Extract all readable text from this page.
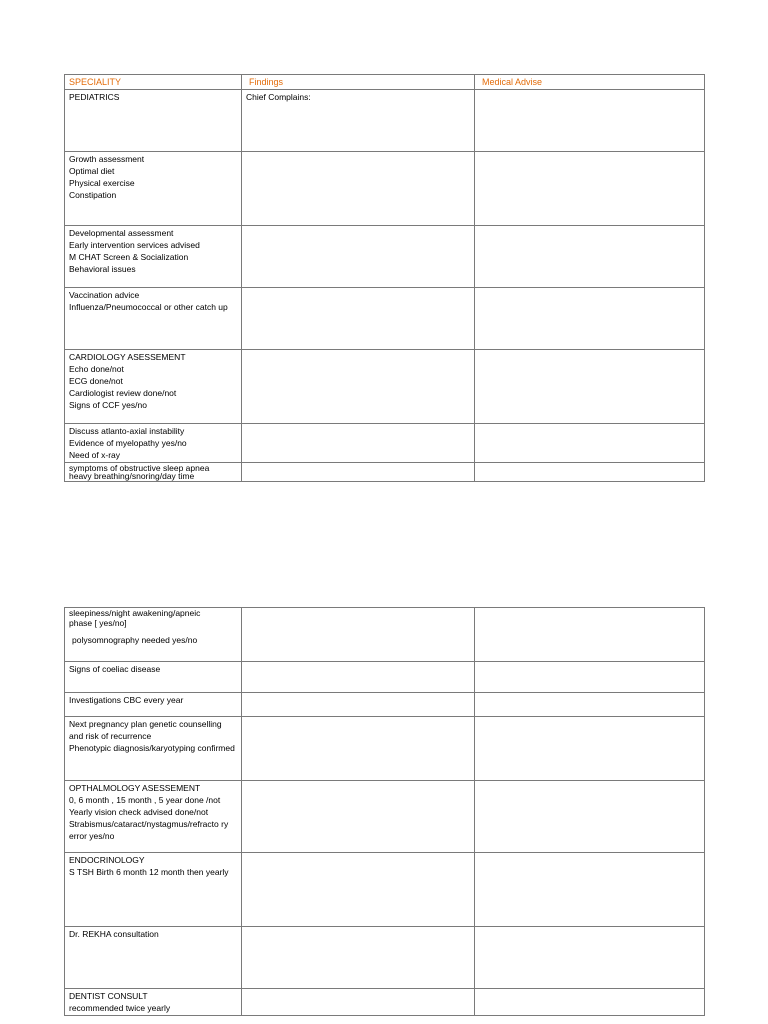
SPECIALITY	Findings	Medical Advise

PEDIATRICS	Chief Complains:	

Growth assessment
Optimal diet
Physical exercise
Constipation		

Developmental assessment
Early intervention services advised
M CHAT Screen & Socialization
Behavioral issues		

Vaccination advice
Influenza/Pneumococcal or other catch up		

CARDIOLOGY ASESSEMENT
Echo done/not
ECG done/not
Cardiologist review done/not
Signs of CCF yes/no		

Discuss atlanto-axial instability
Evidence of myelopathy yes/no
Need of x-ray		

symptoms of obstructive sleep apnea
heavy breathing/snoring/day time		

sleepiness/night awakening/apneic
phase [ yes/no]
polysomnography needed yes/no		

Signs of coeliac disease		

Investigations CBC every year		

Next pregnancy plan genetic counselling and risk of recurrence
Phenotypic diagnosis/karyotyping confirmed		

OPTHALMOLOGY ASESSEMENT
0, 6 month , 15 month , 5 year done /not
Yearly vision check advised done/not
Strabismus/cataract/nystagmus/refracto ry error yes/no		

ENDOCRINOLOGY
S TSH Birth 6 month 12 month then yearly		

Dr. REKHA consultation		

DENTIST CONSULT
recommended twice yearly		
